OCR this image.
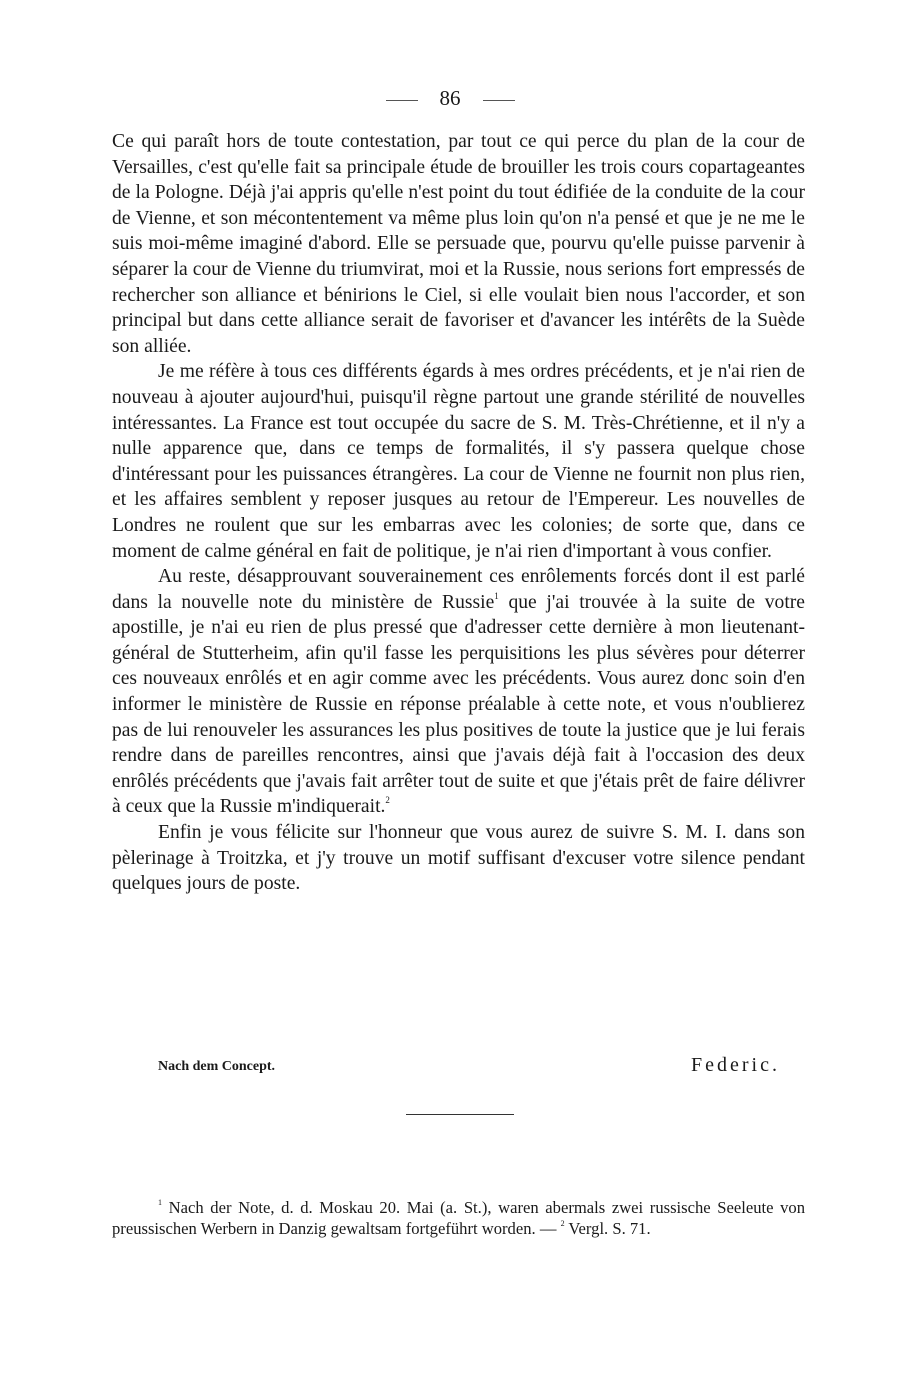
86

Ce qui paraît hors de toute contestation, par tout ce qui perce du plan de la cour de Versailles, c'est qu'elle fait sa principale étude de brouiller les trois cours copartageantes de la Pologne. Déjà j'ai appris qu'elle n'est point du tout édifiée de la conduite de la cour de Vienne, et son mécontentement va même plus loin qu'on n'a pensé et que je ne me le suis moi-même imaginé d'abord. Elle se persuade que, pourvu qu'elle puisse parvenir à séparer la cour de Vienne du triumvirat, moi et la Russie, nous serions fort empressés de rechercher son alliance et bénirions le Ciel, si elle voulait bien nous l'accorder, et son principal but dans cette alliance serait de favoriser et d'avancer les intérêts de la Suède son alliée.

Je me réfère à tous ces différents égards à mes ordres précédents, et je n'ai rien de nouveau à ajouter aujourd'hui, puisqu'il règne partout une grande stérilité de nouvelles intéressantes. La France est tout occupée du sacre de S. M. Très-Chrétienne, et il n'y a nulle apparence que, dans ce temps de formalités, il s'y passera quelque chose d'intéressant pour les puissances étrangères. La cour de Vienne ne fournit non plus rien, et les affaires semblent y reposer jusques au retour de l'Empereur. Les nouvelles de Londres ne roulent que sur les embarras avec les colonies; de sorte que, dans ce moment de calme général en fait de politique, je n'ai rien d'important à vous confier.

Au reste, désapprouvant souverainement ces enrôlements forcés dont il est parlé dans la nouvelle note du ministère de Russie$^1$ que j'ai trouvée à la suite de votre apostille, je n'ai eu rien de plus pressé que d'adresser cette dernière à mon lieutenant-général de Stutterheim, afin qu'il fasse les perquisitions les plus sévères pour déterrer ces nouveaux enrôlés et en agir comme avec les précédents. Vous aurez donc soin d'en informer le ministère de Russie en réponse préalable à cette note, et vous n'oublierez pas de lui renouveler les assurances les plus positives de toute la justice que je lui ferais rendre dans de pareilles rencontres, ainsi que j'avais déjà fait à l'occasion des deux enrôlés précédents que j'avais fait arrêter tout de suite et que j'étais prêt de faire délivrer à ceux que la Russie m'indiquerait.$^2$

Enfin je vous félicite sur l'honneur que vous aurez de suivre S. M. I. dans son pèlerinage à Troitzka, et j'y trouve un motif suffisant d'excuser votre silence pendant quelques jours de poste.

Nach dem Concept.	Federic.

$^1$ Nach der Note, d. d. Moskau 20. Mai (a. St.), waren abermals zwei russische Seeleute von preussischen Werbern in Danzig gewaltsam fortgeführt worden. — $^2$ Vergl. S. 71.
